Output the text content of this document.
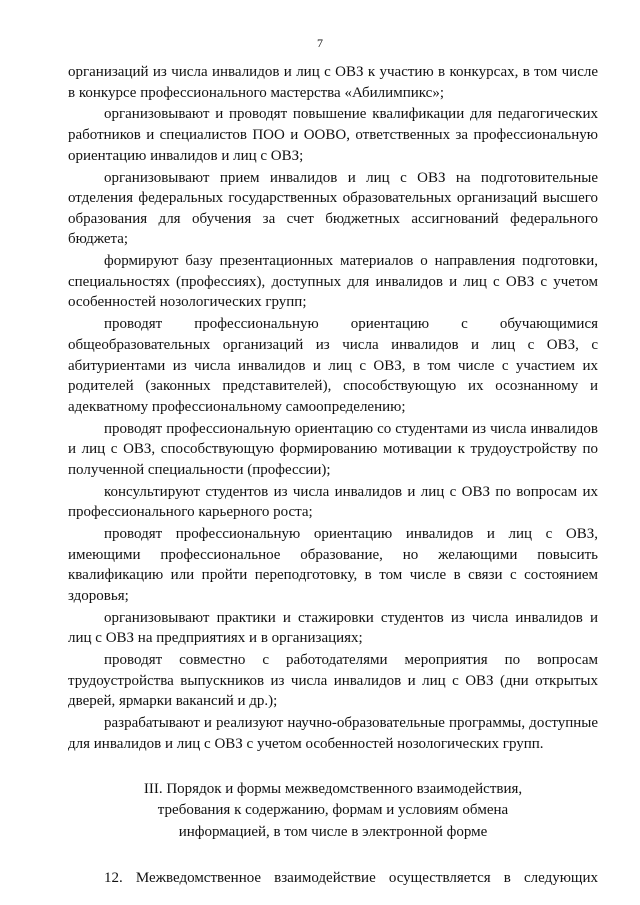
7

организаций из числа инвалидов и лиц с ОВЗ к участию в конкурсах, в том числе в конкурсе профессионального мастерства «Абилимпикс»;

организовывают и проводят повышение квалификации для педагогических работников и специалистов ПОО и ООВО, ответственных за профессиональную ориентацию инвалидов и лиц с ОВЗ;

организовывают прием инвалидов и лиц с ОВЗ на подготовительные отделения федеральных государственных образовательных организаций высшего образования для обучения за счет бюджетных ассигнований федерального бюджета;

формируют базу презентационных материалов о направления подготовки, специальностях (профессиях), доступных для инвалидов и лиц с ОВЗ с учетом особенностей нозологических групп;

проводят профессиональную ориентацию с обучающимися общеобразовательных организаций из числа инвалидов и лиц с ОВЗ, с абитуриентами из числа инвалидов и лиц с ОВЗ, в том числе с участием их родителей (законных представителей), способствующую их осознанному и адекватному профессиональному самоопределению;

проводят профессиональную ориентацию со студентами из числа инвалидов и лиц с ОВЗ, способствующую формированию мотивации к трудоустройству по полученной специальности (профессии);

консультируют студентов из числа инвалидов и лиц с ОВЗ по вопросам их профессионального карьерного роста;

проводят профессиональную ориентацию инвалидов и лиц с ОВЗ, имеющими профессиональное образование, но желающими повысить квалификацию или пройти переподготовку, в том числе в связи с состоянием здоровья;

организовывают практики и стажировки студентов из числа инвалидов и лиц с ОВЗ на предприятиях и в организациях;

проводят совместно с работодателями мероприятия по вопросам трудоустройства выпускников из числа инвалидов и лиц с ОВЗ (дни открытых дверей, ярмарки вакансий и др.);

разрабатывают и реализуют научно-образовательные программы, доступные для инвалидов и лиц с ОВЗ с учетом особенностей нозологических групп.

III. Порядок и формы межведомственного взаимодействия,
требования к содержанию, формам и условиям обмена
информацией, в том числе в электронной форме

12. Межведомственное взаимодействие осуществляется в следующих
